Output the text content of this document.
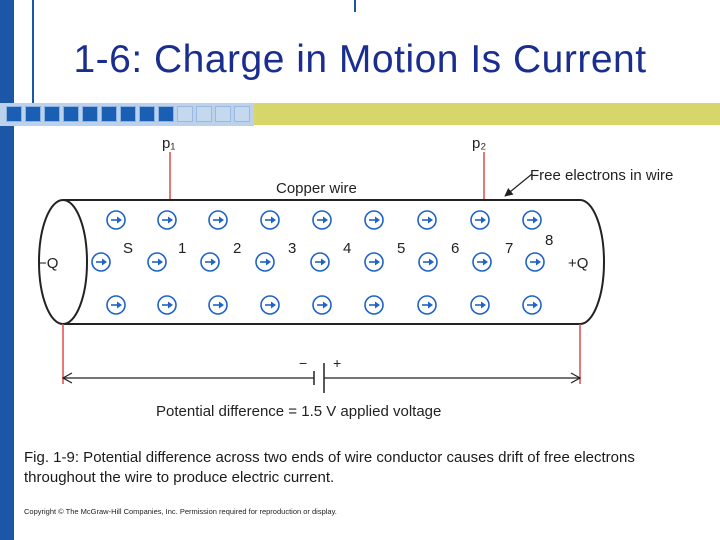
1-6: Charge in Motion Is Current
p₁	p₂
Copper wire
Free electrons in wire
−Q	+Q
S	1	2	3	4	5	6	7 8
− +
Potential difference = 1.5 V applied voltage
Fig. 1-9: Potential difference across two ends of wire conductor causes drift of free electrons throughout the wire to produce electric current.
Copyright © The McGraw-Hill Companies, Inc. Permission required for reproduction or display.
